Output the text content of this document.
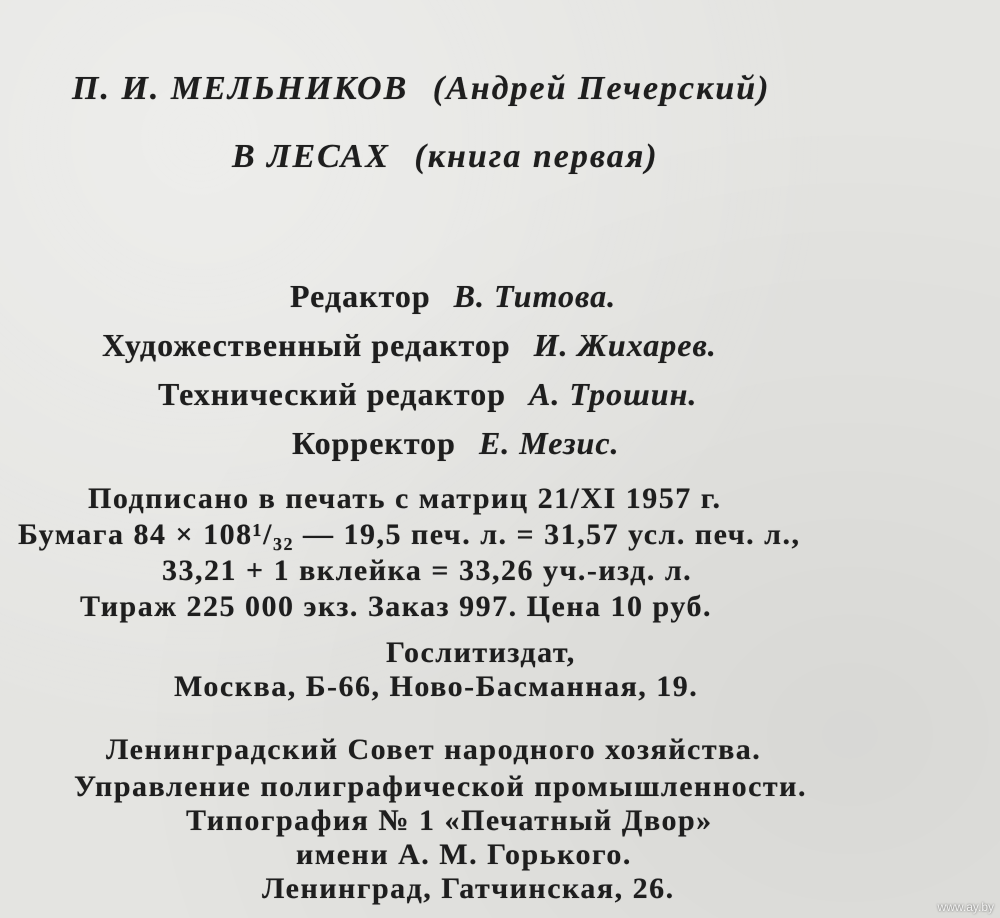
П. И. МЕЛЬНИКОВ (Андрей Печерский)
В ЛЕСАХ (книга первая)
Редактор В. Титова.
Художественный редактор И. Жихарев.
Технический редактор А. Трошин.
Корректор Е. Мезис.
Подписано в печать с матриц 21/XI 1957 г.
Бумага 84 × 108¹/₃₂ — 19,5 печ. л. = 31,57 усл. печ. л.,
33,21 + 1 вклейка = 33,26 уч.-изд. л.
Тираж 225 000 экз. Заказ 997. Цена 10 руб.
Гослитиздат,
Москва, Б-66, Ново-Басманная, 19.
Ленинградский Совет народного хозяйства.
Управление полиграфической промышленности.
Типография № 1 «Печатный Двор»
имени А. М. Горького.
Ленинград, Гатчинская, 26.
www.ay.by
